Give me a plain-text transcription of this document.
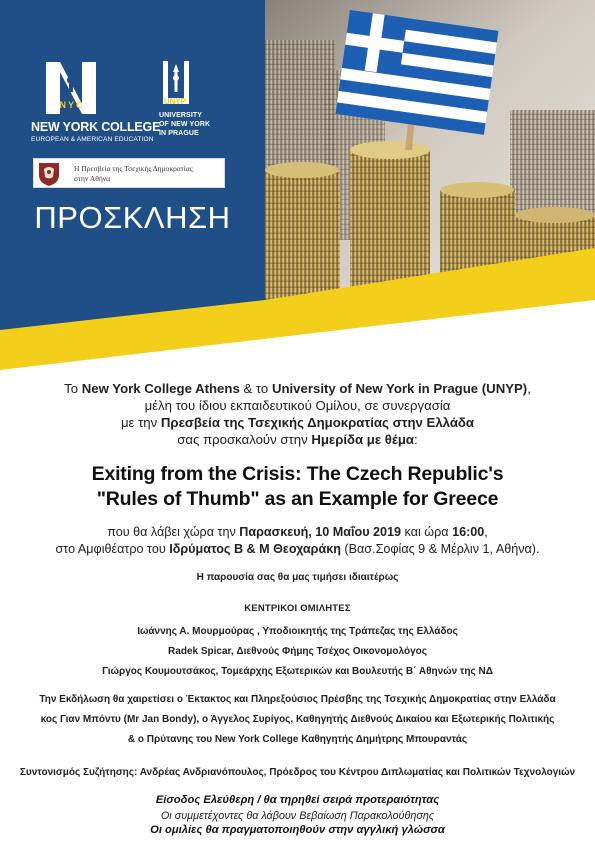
NYC
NEW YORK COLLEGE
EUROPEAN & AMERICAN EDUCATION
UNYP
UNIVERSITY
OF NEW YORK
IN PRAGUE
Η Πρεσβεία της Τσεχικής Δημοκρατίας
στην Αθήνα
ΠΡΟΣΚΛΗΣΗ
Το New York College Athens & το University of New York in Prague (UNYP),
μέλη του ίδιου εκπαιδευτικού Ομίλου, σε συνεργασία
με την Πρεσβεία της Τσεχικής Δημοκρατίας στην Ελλάδα
σας προσκαλούν στην Ημερίδα με θέμα:
Exiting from the Crisis: The Czech Republic's
"Rules of Thumb" as an Example for Greece
που θα λάβει χώρα την Παρασκευή, 10 Μαΐου 2019 και ώρα 16:00,
στο Αμφιθέατρο του Ιδρύματος Β & Μ Θεοχαράκη (Βασ.Σοφίας 9 & Μέρλιν 1, Αθήνα).
Η παρουσία σας θα μας τιμήσει ιδιαιτέρως
ΚΕΝΤΡΙΚΟΙ ΟΜΙΛΗΤΕΣ
Ιωάννης Α. Μουρμούρας , Υποδιοικητής της Τράπεζας της Ελλάδος
Radek Spicar, Διεθνούς Φήμης Τσέχος Οικονομολόγος
Γιώργος Κουμουτσάκος, Τομεάρχης Εξωτερικών και Βουλευτής Β΄ Αθηνών της ΝΔ
Την Εκδήλωση θα χαιρετίσει ο Έκτακτος και Πληρεξούσιος Πρέσβης της Τσεχικής Δημοκρατίας στην Ελλάδα
κος Γιαν Μπόντυ (Mr Jan Bondy), ο Άγγελος Συρίγος, Καθηγητής Διεθνούς Δικαίου και Εξωτερικής Πολιτικής
& ο Πρύτανης του New York College Καθηγητής Δημήτρης Μπουραντάς
Συντονισμός Συζήτησης: Ανδρέας Ανδριανόπουλος, Πρόεδρος του Κέντρου Διπλωματίας και Πολιτικών Τεχνολογιών
Είσοδος Ελεύθερη / θα τηρηθεί σειρά προτεραιότητας
Οι συμμετέχοντες θα λάβουν Βεβαίωση Παρακολούθησης
Οι ομιλίες θα πραγματοποιηθούν στην αγγλική γλώσσα
